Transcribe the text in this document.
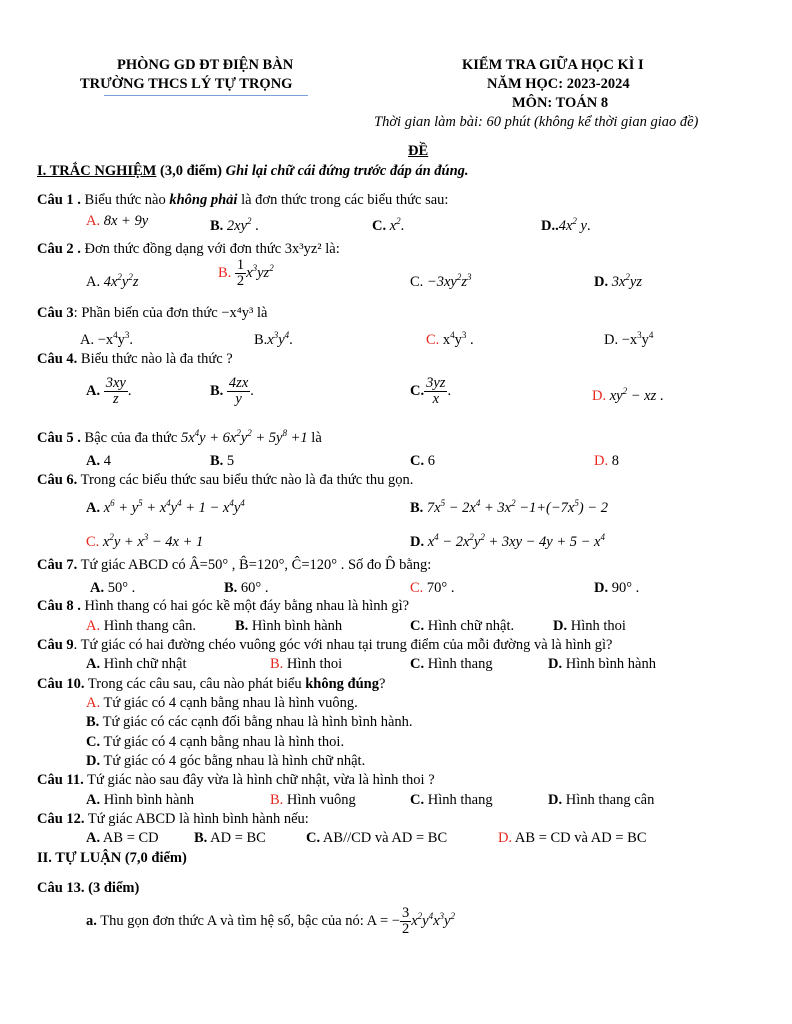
PHÒNG GD ĐT ĐIỆN BÀN
TRƯỜNG THCS LÝ TỰ TRỌNG
KIỂM TRA GIỮA HỌC KÌ I
NĂM HỌC: 2023-2024
MÔN: TOÁN 8
Thời gian làm bài: 60 phút (không kể thời gian giao đề)
ĐỀ
I. TRẮC NGHIỆM (3,0 điểm) Ghi lại chữ cái đứng trước đáp án đúng.
Câu 1 . Biểu thức nào không phải là đơn thức trong các biểu thức sau:
A. 8x + 9y	B. $2xy^2$ .	C. $x^2$.	$D..4x^2$ y.
Câu 2 . Đơn thức đồng dạng với đơn thức 3x³yz² là:
A. $4x^2y^2z$
B. $\frac{1}{2} x^3yz^2$
C. $-3xy^2z^3$	D. $3x^2yz$
Câu 3: Phần biến của đơn thức −x⁴y³ là
A. $-x^4y^3$.	$B.x^3y^4$.	C. $x^4y^3$ .	D. $-x^3y^4$
Câu 4. Biểu thức nào là đa thức ?
A. $\frac{3xy}{z}$ .	B. $\frac{4zx}{y}$ .	C. $\frac{3yz}{x}$ .	D. $xy^2$ − xz .
Câu 5 . Bậc của đa thức $5x^4y + 6x^2y^2 + 5y^8 +1$ là
A. 4	B. 5	C. 6	D. 8
Câu 6. Trong các biểu thức sau biểu thức nào là đa thức thu gọn.
A. $x^6 + y^5 + x^4y^4 + 1 - x^4y^4$	B. $7x^5 - 2x^4 + 3x^2 -1+(-7x^5) - 2$
C. $x^2y + x^3 - 4x + 1$	D. $x^4 - 2x^2y^2 + 3xy - 4y + 5 - x^4$
Câu 7. Tứ giác ABCD có Â=50° , B̂=120°, Ĉ=120° . Số đo D̂ bằng:
A. 50° .	B. 60° .	C. 70° .	D. 90° .
Câu 8 . Hình thang có hai góc kề một đáy bằng nhau là hình gì?
A. Hình thang cân.	B. Hình bình hành	C. Hình chữ nhật.	D. Hình thoi
Câu 9. Tứ giác có hai đường chéo vuông góc với nhau tại trung điểm của mỗi đường và là hình gì?
A. Hình chữ nhật	B. Hình thoi	C. Hình thang	D. Hình bình hành
Câu 10. Trong các câu sau, câu nào phát biểu không đúng?
A. Tứ giác có 4 cạnh bằng nhau là hình vuông.
B. Tứ giác có các cạnh đối bằng nhau là hình bình hành.
C. Tứ giác có 4 cạnh bằng nhau là hình thoi.
D. Tứ giác có 4 góc bằng nhau là hình chữ nhật.
Câu 11. Tứ giác nào sau đây vừa là hình chữ nhật, vừa là hình thoi ?
A. Hình bình hành	B. Hình vuông	C. Hình thang	D. Hình thang cân
Câu 12. Tứ giác ABCD là hình bình hành nếu:
A. AB = CD B. AD = BC	C. AB//CD và AD = BC	D. AB = CD và AD = BC
II. TỰ LUẬN (7,0 điểm)
Câu 13. (3 điểm)
a. Thu gọn đơn thức A và tìm hệ số, bậc của nó: A = − $\frac{3}{2} x^2y^4x^3y^2$
